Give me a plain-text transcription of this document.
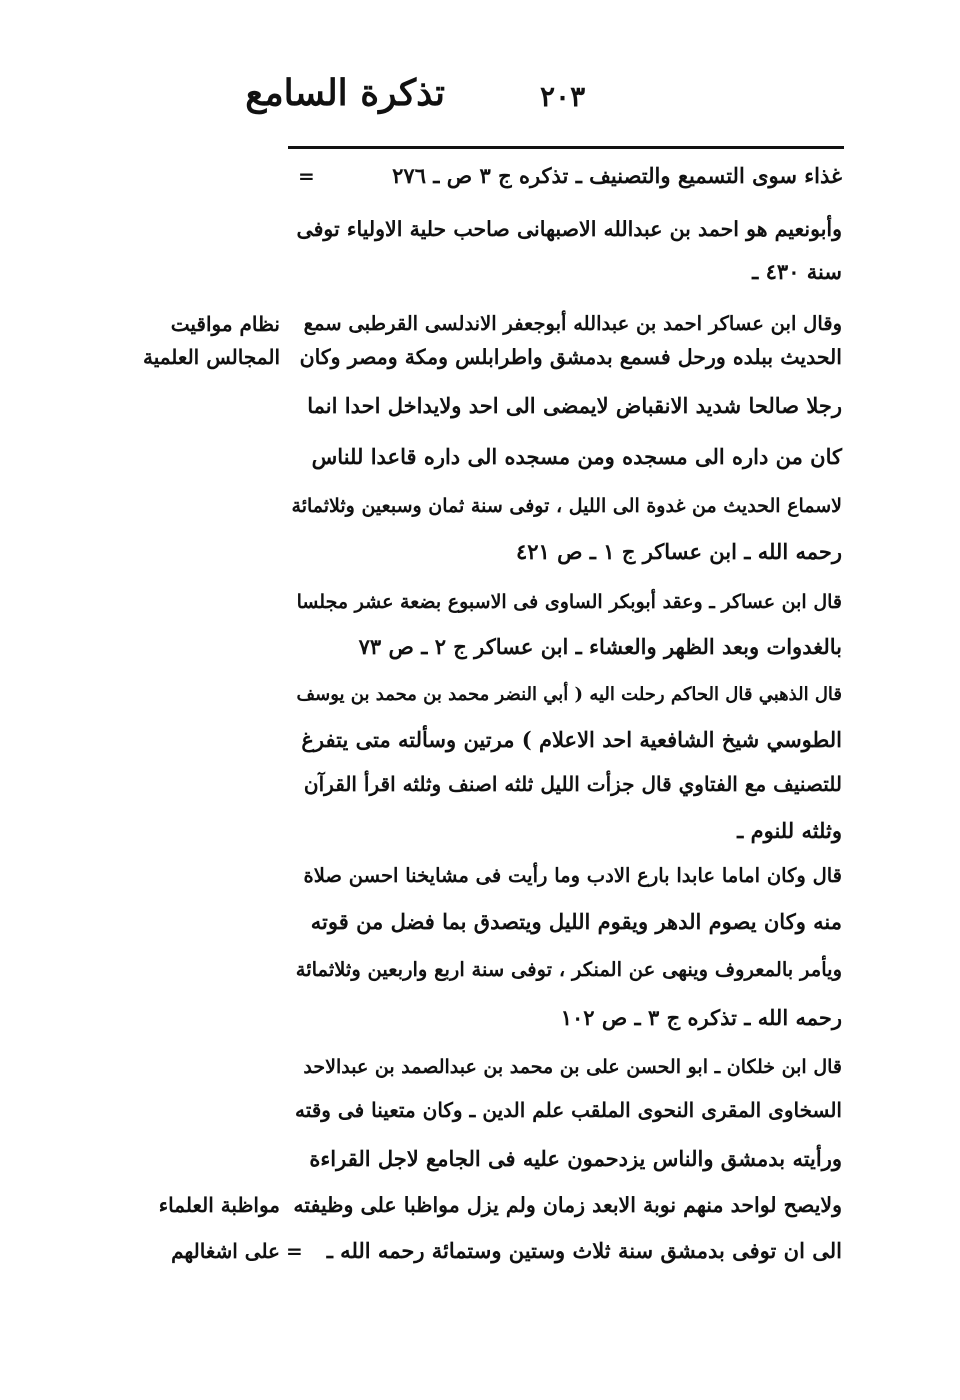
٢٠٣
تذكرة السامع
=	غذاء سوى التسميع والتصنيف ـ تذكره ج ٣ ص ـ ٢٧٦
وأبونعيم هو احمد بن عبدالله الاصبهانى صاحب حلية الاولياء توفى
سنة ٤٣٠ ـ
وقال ابن عساكر احمد بن عبدالله أبوجعفر الاندلسى القرطبى سمع
الحديث ببلده ورحل فسمع بدمشق واطرابلس ومكة ومصر وكان
رجلا صالحا شديد الانقباض لايمضى الى احد ولايداخل احدا انما
كان من داره الى مسجده ومن مسجده الى داره قاعدا للناس
لاسماع الحديث من غدوة الى الليل ، توفى سنة ثمان وسبعين وثلاثمائة
رحمه الله ـ ابن عساكر ج ١ ـ ص ٤٢١
قال ابن عساكر ـ وعقد أبوبكر الساوى فى الاسبوع بضعة عشر مجلسا
بالغدوات وبعد الظهر والعشاء ـ ابن عساكر ج ٢ ـ ص ٧٣
قال الذهبي قال الحاكم رحلت اليه ( أبي النضر محمد بن محمد بن يوسف
الطوسي شيخ الشافعية احد الاعلام ) مرتين وسألته متى يتفرغ
للتصنيف مع الفتاوي قال جزأت الليل ثلثه اصنف وثلثه اقرأ القرآن
وثلثه للنوم ـ
قال وكان اماما عابدا بارع الادب وما رأيت فى مشايخنا احسن صلاة
منه وكان يصوم الدهر ويقوم الليل ويتصدق بما فضل من قوته
ويأمر بالمعروف وينهى عن المنكر ، توفى سنة اربع واربعين وثلاثمائة
رحمه الله ـ تذكره ج ٣ ـ ص ١٠٢
قال ابن خلكان ـ ابو الحسن على بن محمد بن عبدالصمد بن عبدالاحد
السخاوى المقرى النحوى الملقب علم الدين ـ وكان متعينا فى وقته
ورأيته بدمشق والناس يزدحمون عليه فى الجامع لاجل القراءة
ولايصح لواحد منهم نوبة الابعد زمان ولم يزل مواظبا على وظيفته
الى ان توفى بدمشق سنة ثلاث وستين وستمائة رحمه الله ـ
=
نظام مواقيت
المجالس العلمية
مواظبة العلماء
على اشغالهم
